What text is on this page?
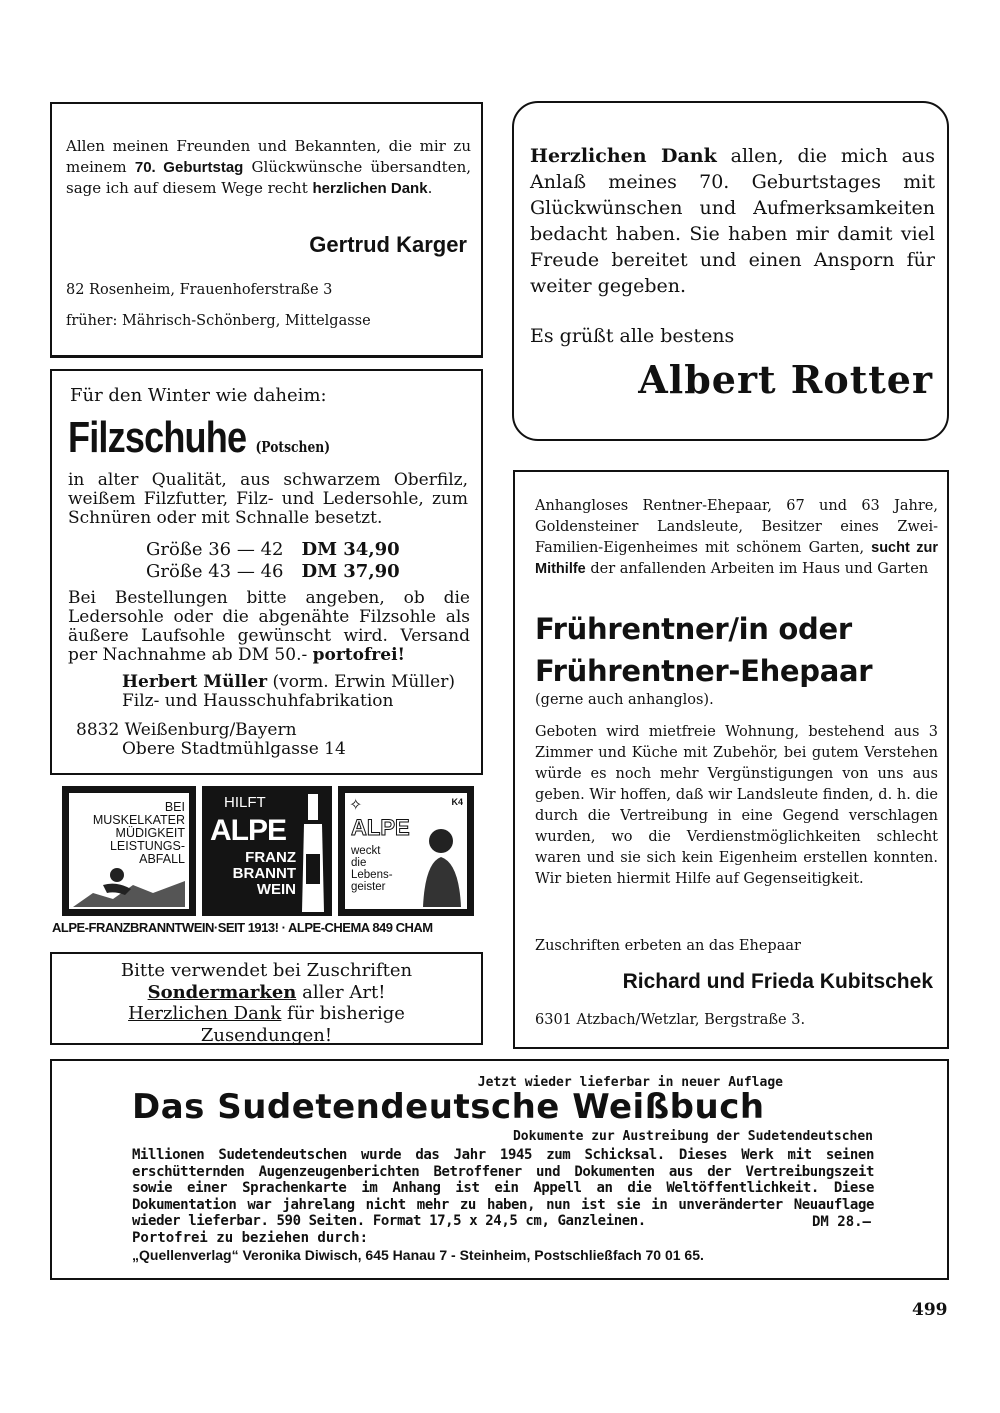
Allen meinen Freunden und Bekannten, die mir zu meinem 70. Geburtstag Glückwünsche übersandten, sage ich auf diesem Wege recht herzlichen Dank.

Gertrud Karger
82 Rosenheim, Frauenhoferstraße 3
früher: Mährisch-Schönberg, Mittelgasse

Herzlichen Dank allen, die mich aus Anlaß meines 70. Geburtstages mit Glückwünschen und Aufmerksamkeiten bedacht haben. Sie haben mir damit viel Freude bereitet und einen Ansporn für weiter gegeben.

Es grüßt alle bestens
Albert Rotter
Für den Winter wie daheim:
Filzschuhe (Potschen)

in alter Qualität, aus schwarzem Oberfilz, weißem Filzfutter, Filz- und Ledersohle, zum Schnüren oder mit Schnalle besetzt.

Größe 36 — 42	DM 34,90
Größe 43 — 46	DM 37,90

Bei Bestellungen bitte angeben, ob die Ledersohle oder die abgenähte Filzsohle als äußere Laufsohle gewünscht wird. Versand per Nachnahme ab DM 50.- portofrei!

Herbert Müller (vorm. Erwin Müller)
Filz- und Hausschuhfabrikation
8832 Weißenburg/Bayern
Obere Stadtmühlgasse 14
BEI
MUSKELKATER
MÜDIGKEIT
LEISTUNGS-
ABFALL
HILFT
ALPE
FRANZ
BRANNT
WEIN
K4
✧
ALPE
weckt
die
Lebens-
geister
ALPE-FRANZBRANNTWEIN·SEIT 1913! · ALPE-CHEMA 849 CHAM
Bitte verwendet bei Zuschriften
Sondermarken aller Art!
Herzlichen Dank für bisherige
Zusendungen!

Anhangloses Rentner-Ehepaar, 67 und 63 Jahre, Goldensteiner Landsleute, Besitzer eines Zwei-Familien-Eigenheimes mit schönem Garten, sucht zur Mithilfe der anfallenden Arbeiten im Haus und Garten

Frührentner/in oder
Frührentner-Ehepaar
(gerne auch anhanglos).

Geboten wird mietfreie Wohnung, bestehend aus 3 Zimmer und Küche mit Zubehör, bei gutem Verstehen würde es noch mehr Vergünstigungen von uns aus geben. Wir hoffen, daß wir Landsleute finden, d. h. die durch die Vertreibung in eine Gegend verschlagen wurden, wo die Verdienstmöglichkeiten schlecht waren und sie sich kein Eigenheim erstellen konnten. Wir bieten hiermit Hilfe auf Gegenseitigkeit.

Zuschriften erbeten an das Ehepaar
Richard und Frieda Kubitschek
6301 Atzbach/Wetzlar, Bergstraße 3.
Jetzt wieder lieferbar in neuer Auflage
Das Sudetendeutsche Weißbuch
Dokumente zur Austreibung der Sudetendeutschen

Millionen Sudetendeutschen wurde das Jahr 1945 zum Schicksal. Dieses Werk mit seinen erschütternden Augenzeugenberichten Betroffener und Dokumenten aus der Vertreibungszeit sowie einer Sprachenkarte im Anhang ist ein Appell an die Weltöffentlichkeit. Diese Dokumentation war jahrelang nicht mehr zu haben, nun ist sie in unveränderter Neuauflage wieder lieferbar. 590 Seiten. Format 17,5 x 24,5 cm, Ganzleinen.	DM 28.—
Portofrei zu beziehen durch:
„Quellenverlag“ Veronika Diwisch, 645 Hanau 7 - Steinheim, Postschließfach 70 01 65.
499
